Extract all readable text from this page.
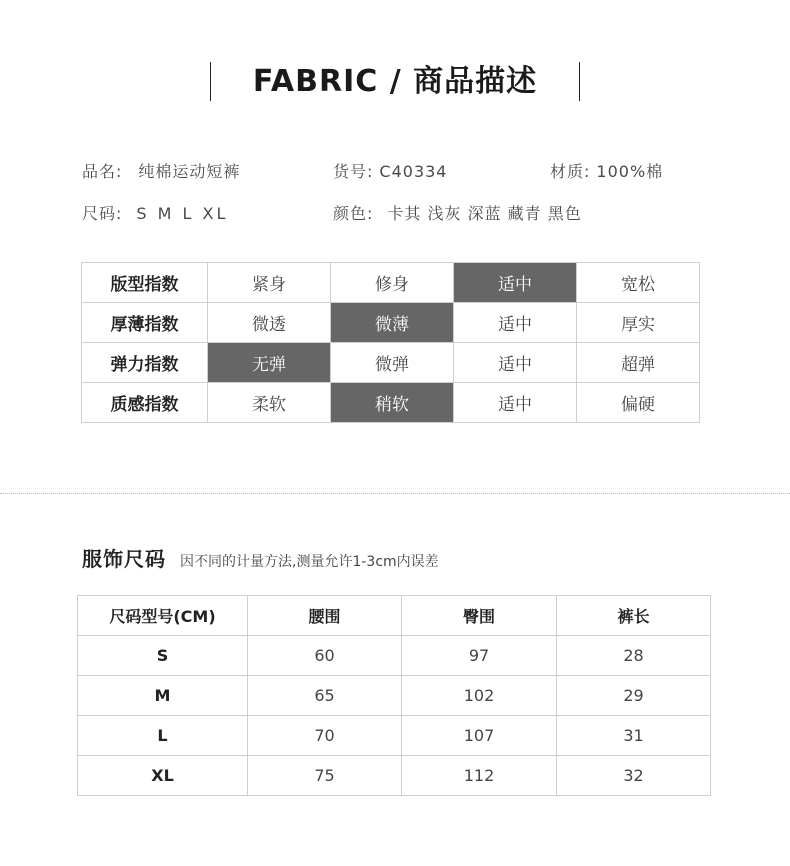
FABRIC / 商品描述
品名: 纯棉运动短裤	货号: C40334	材质: 100%棉
尺码: S M L XL	颜色: 卡其 浅灰 深蓝 藏青 黑色
版型指数	紧身	修身	适中	宽松
厚薄指数	微透	微薄	适中	厚实
弹力指数	无弹	微弹	适中	超弹
质感指数	柔软	稍软	适中	偏硬
服饰尺码 因不同的计量方法,测量允许1-3cm内误差
尺码型号(CM)	腰围	臀围	裤长
S	60	97	28
M	65	102	29
L	70	107	31
XL	75	112	32
